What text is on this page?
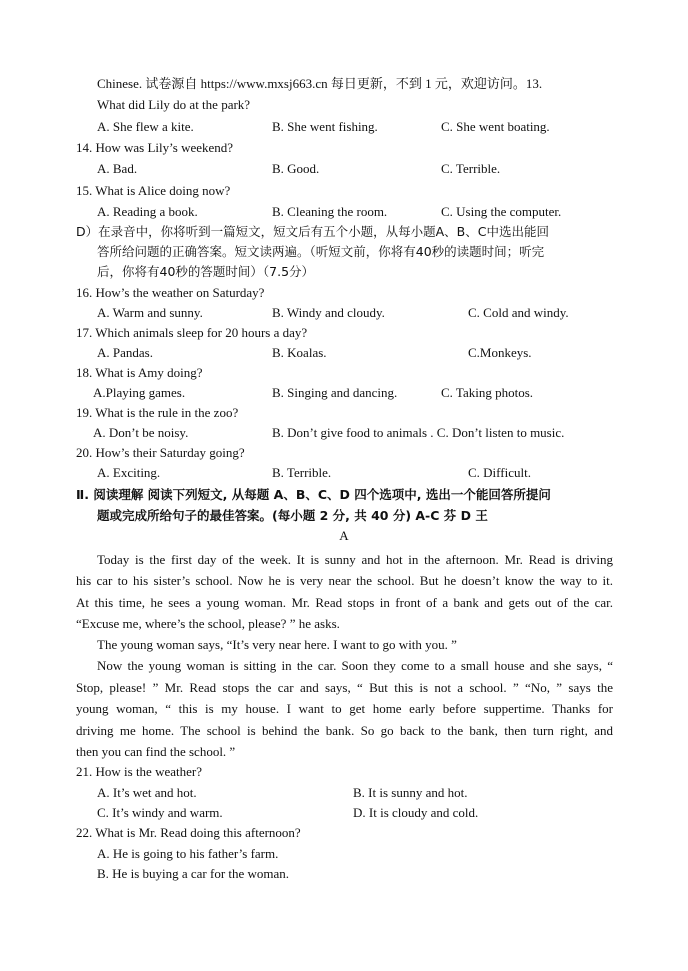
Chinese. 试卷源自 https://www.mxsj663.cn 每日更新，不到 1 元，欢迎访问。13.
What did Lily do at the park?
A. She flew a kite.	B. She went fishing.	C. She went boating.
14. How was Lily’s weekend?
A. Bad.	B. Good.	C. Terrible.
15. What is Alice doing now?
A. Reading a book.	B. Cleaning the room.	C. Using the computer.
D）在录音中，你将听到一篇短文，短文后有五个小题，从每小题A、B、C中选出能回
答所给问题的正确答案。短文读两遍。（听短文前，你将有40秒的读题时间；听完
后，你将有40秒的答题时间）（7.5分）
16. How’s the weather on Saturday?
A. Warm and sunny.	B. Windy and cloudy.	C. Cold and windy.
17. Which animals sleep for 20 hours a day?
A. Pandas.	B. Koalas.	C.Monkeys.
18. What is Amy doing?
A.Playing games.	B. Singing and dancing.	C. Taking photos.
19. What is the rule in the zoo?
A. Don’t be noisy.	B. Don’t give food to animals . C. Don’t listen to music.
20. How’s their Saturday going?
A. Exciting.	B. Terrible.	C. Difficult.
Ⅱ. 阅读理解 阅读下列短文, 从每题 A、B、C、D 四个选项中, 选出一个能回答所提问
题或完成所给句子的最佳答案。(每小题 2 分, 共 40 分) A-C 芬 D 王
A
Today is the first day of the week. It is sunny and hot in the afternoon. Mr. Read is driving
his car to his sister’s school. Now he is very near the school. But he doesn’t know the way to it.
At this time, he sees a young woman. Mr. Read stops in front of a bank and gets out of the car.
“Excuse me, where’s the school, please? ” he asks.
The young woman says, “It’s very near here. I want to go with you. ”
Now the young woman is sitting in the car. Soon they come to a small house and she says, “
Stop, please! ” Mr. Read stops the car and says, “ But this is not a school. ” “No, ” says the
young woman, “ this is my house. I want to get home early before suppertime. Thanks for
driving me home. The school is behind the bank. So go back to the bank, then turn right, and
then you can find the school. ”
21. How is the weather?
A. It’s wet and hot.	B. It is sunny and hot.
C. It’s windy and warm.	D. It is cloudy and cold.
22. What is Mr. Read doing this afternoon?
A. He is going to his father’s farm.
B. He is buying a car for the woman.
